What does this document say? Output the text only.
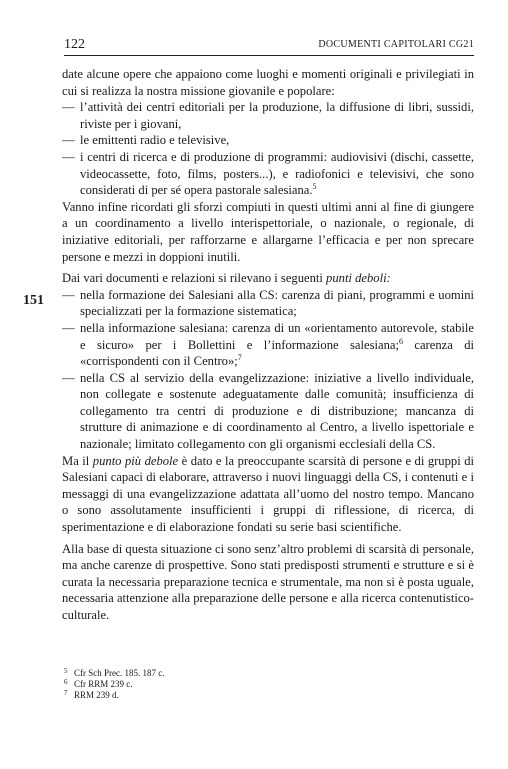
122	DOCUMENTI CAPITOLARI CG21
151

date alcune opere che appaiono come luoghi e momenti originali e privilegiati in cui si realizza la nostra missione giovanile e popolare:

— l’attività dei centri editoriali per la produzione, la diffusione di libri, sussidi, riviste per i giovani,
— le emittenti radio e televisive,
— i centri di ricerca e di produzione di programmi: audiovisivi (dischi, cassette, videocassette, foto, films, posters...), e radiofonici e televisivi, che sono considerati di per sé opera pastorale salesiana.$^5$

Vanno infine ricordati gli sforzi compiuti in questi ultimi anni al fine di giungere a un coordinamento a livello interispettoriale, o nazionale, o regionale, di iniziative editoriali, per rafforzarne e allargarne l’efficacia e per non sprecare persone e mezzi in doppioni inutili.

Dai vari documenti e relazioni si rilevano i seguenti punti deboli:

— nella formazione dei Salesiani alla CS: carenza di piani, programmi e uomini specializzati per la formazione sistematica;
— nella informazione salesiana: carenza di un «orientamento autorevole, stabile e sicuro» per i Bollettini e l’informazione salesiana;$^6$ carenza di «corrispondenti con il Centro»;$^7$
— nella CS al servizio della evangelizzazione: iniziative a livello individuale, non collegate e sostenute adeguatamente dalle comunità; insufficienza di collegamento tra centri di produzione e di distribuzione; mancanza di strutture di animazione e di coordinamento al Centro, a livello ispettoriale e nazionale; limitato collegamento con gli organismi ecclesiali della CS.

Ma il punto più debole è dato e la preoccupante scarsità di persone e di gruppi di Salesiani capaci di elaborare, attraverso i nuovi linguaggi della CS, i contenuti e i messaggi di una evangelizzazione adattata all’uomo del nostro tempo. Mancano o sono assolutamente insufficienti i gruppi di riflessione, di ricerca, di sperimentazione e di elaborazione fondati su serie basi scientifiche.

Alla base di questa situazione ci sono senz’altro problemi di scarsità di personale, ma anche carenze di prospettive. Sono stati predisposti strumenti e strutture e si è curata la necessaria preparazione tecnica e strumentale, ma non si è posta uguale, necessaria attenzione alla preparazione delle persone e alla ricerca contenutistico-culturale.

5 Cfr Sch Prec. 185. 187 c.
6 Cfr RRM 239 c.
7 RRM 239 d.
